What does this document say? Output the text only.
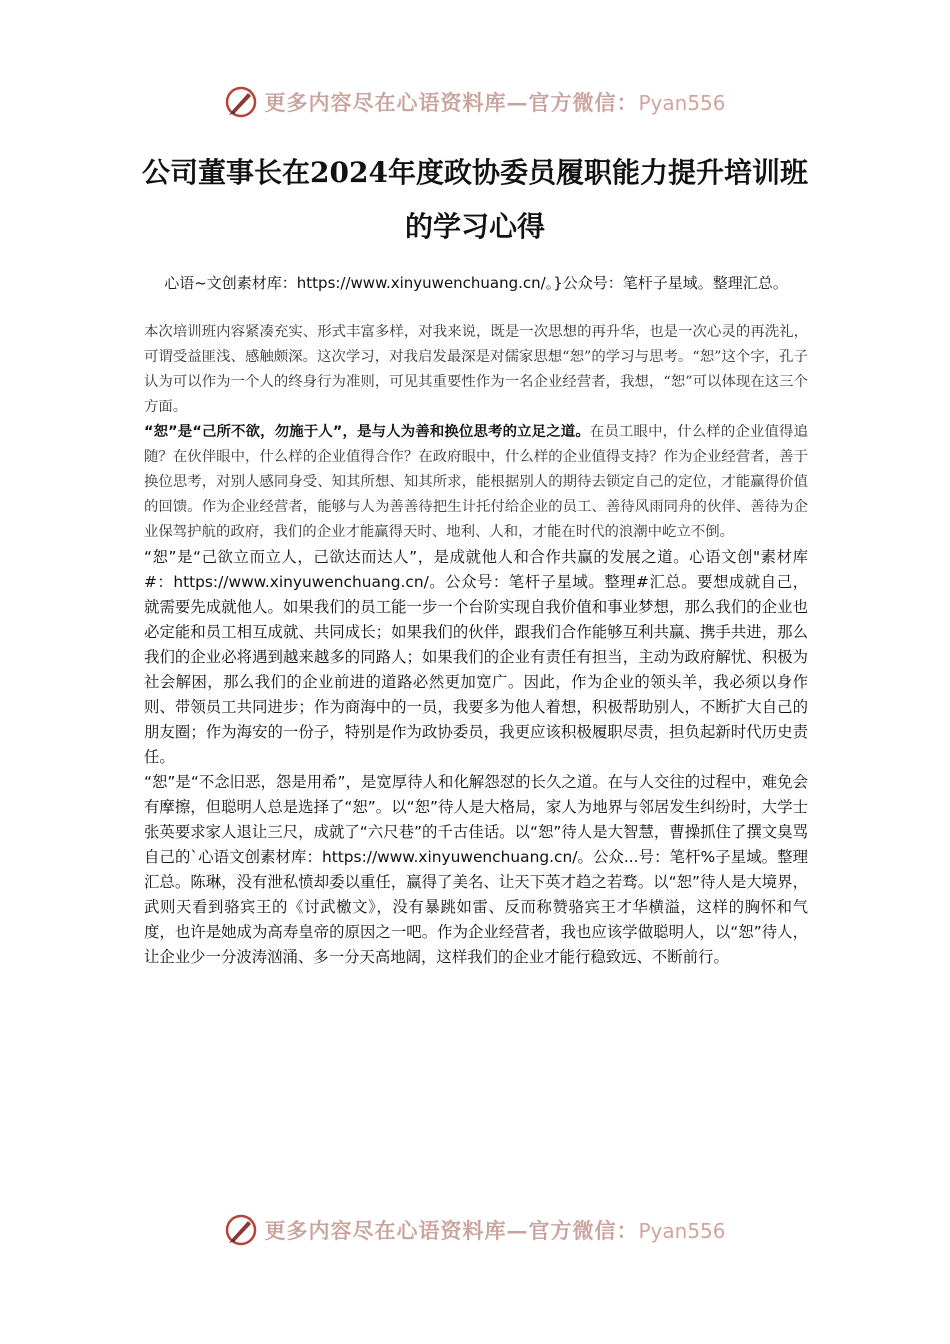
更多内容尽在心语资料库—官方微信：Pyan556
公司董事长在2024年度政协委员履职能力提升培训班的学习心得
心语~文创素材库：https://www.xinyuwenchuang.cn/。}公众号：笔杆子星域。整理汇总。

本次培训班内容紧凑充实、形式丰富多样，对我来说，既是一次思想的再升华，也是一次心灵的再洗礼，可谓受益匪浅、感触颇深。这次学习，对我启发最深是对儒家思想“恕”的学习与思考。“恕”这个字，孔子认为可以作为一个人的终身行为准则，可见其重要性作为一名企业经营者，我想，“恕”可以体现在这三个方面。

“恕”是“己所不欲，勿施于人”，是与人为善和换位思考的立足之道。在员工眼中，什么样的企业值得追随？在伙伴眼中，什么样的企业值得合作？在政府眼中，什么样的企业值得支持？作为企业经营者，善于换位思考，对别人感同身受、知其所想、知其所求，能根据别人的期待去锁定自己的定位，才能赢得价值的回馈。作为企业经营者，能够与人为善善待把生计托付给企业的员工、善待风雨同舟的伙伴、善待为企业保驾护航的政府，我们的企业才能赢得天时、地利、人和，才能在时代的浪潮中屹立不倒。

“恕”是“己欲立而立人，己欲达而达人”，是成就他人和合作共赢的发展之道。心语文创"素材库#：https://www.xinyuwenchuang.cn/。公众号：笔杆子星域。整理#汇总。要想成就自己，就需要先成就他人。如果我们的员工能一步一个台阶实现自我价值和事业梦想，那么我们的企业也必定能和员工相互成就、共同成长；如果我们的伙伴，跟我们合作能够互利共赢、携手共进，那么我们的企业必将遇到越来越多的同路人；如果我们的企业有责任有担当，主动为政府解忧、积极为社会解困，那么我们的企业前进的道路必然更加宽广。因此，作为企业的领头羊，我必须以身作则、带领员工共同进步；作为商海中的一员，我要多为他人着想，积极帮助别人，不断扩大自己的朋友圈；作为海安的一份子，特别是作为政协委员，我更应该积极履职尽责，担负起新时代历史责任。

“恕”是“不念旧恶，怨是用希”，是宽厚待人和化解怨怼的长久之道。在与人交往的过程中，难免会有摩擦，但聪明人总是选择了“恕”。以“恕”待人是大格局，家人为地界与邻居发生纠纷时，大学士张英要求家人退让三尺，成就了“六尺巷”的千古佳话。以“恕”待人是大智慧，曹操抓住了撰文臭骂自己的`心语文创素材库：https://www.xinyuwenchuang.cn/。公众...号：笔杆%子星域。整理汇总。陈琳，没有泄私愤却委以重任，赢得了美名、让天下英才趋之若骛。以“恕”待人是大境界，武则天看到骆宾王的《讨武檄文》，没有暴跳如雷、反而称赞骆宾王才华横溢，这样的胸怀和气度，也许是她成为高寿皇帝的原因之一吧。作为企业经营者，我也应该学做聪明人，以“恕”待人，让企业少一分波涛汹涌、多一分天高地阔，这样我们的企业才能行稳致远、不断前行。

更多内容尽在心语资料库—官方微信：Pyan556
